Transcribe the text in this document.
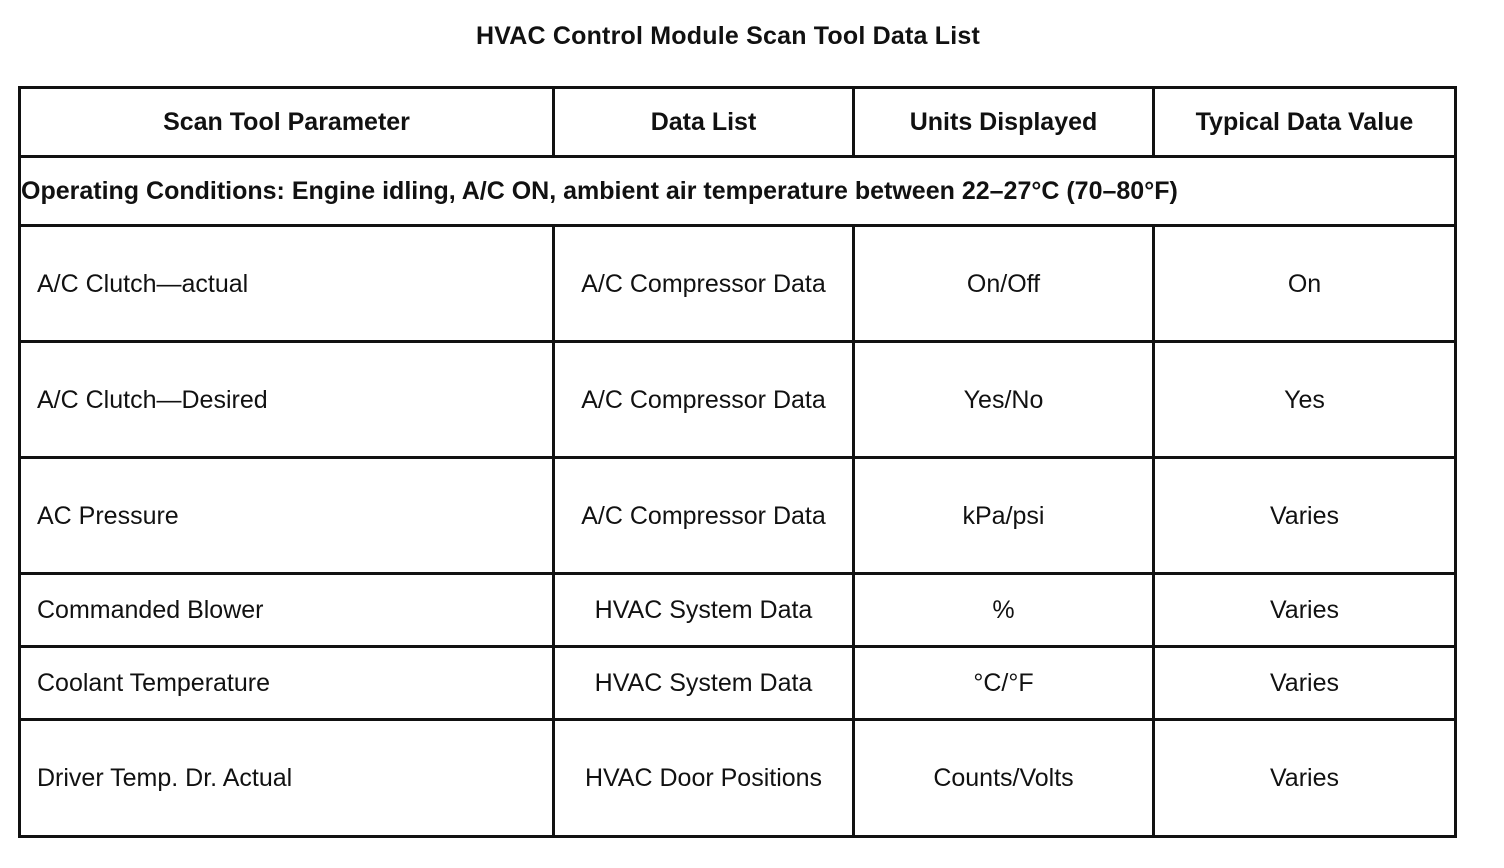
HVAC Control Module Scan Tool Data List
Scan Tool Parameter	Data List	Units Displayed	Typical Data Value
Operating Conditions: Engine idling, A/C ON, ambient air temperature between 22–27°C (70–80°F)			
A/C Clutch—actual	A/C Compressor Data	On/Off	On
A/C Clutch—Desired	A/C Compressor Data	Yes/No	Yes
AC Pressure	A/C Compressor Data	kPa/psi	Varies
Commanded Blower	HVAC System Data	%	Varies
Coolant Temperature	HVAC System Data	°C/°F	Varies
Driver Temp. Dr. Actual	HVAC Door Positions	Counts/Volts	Varies
